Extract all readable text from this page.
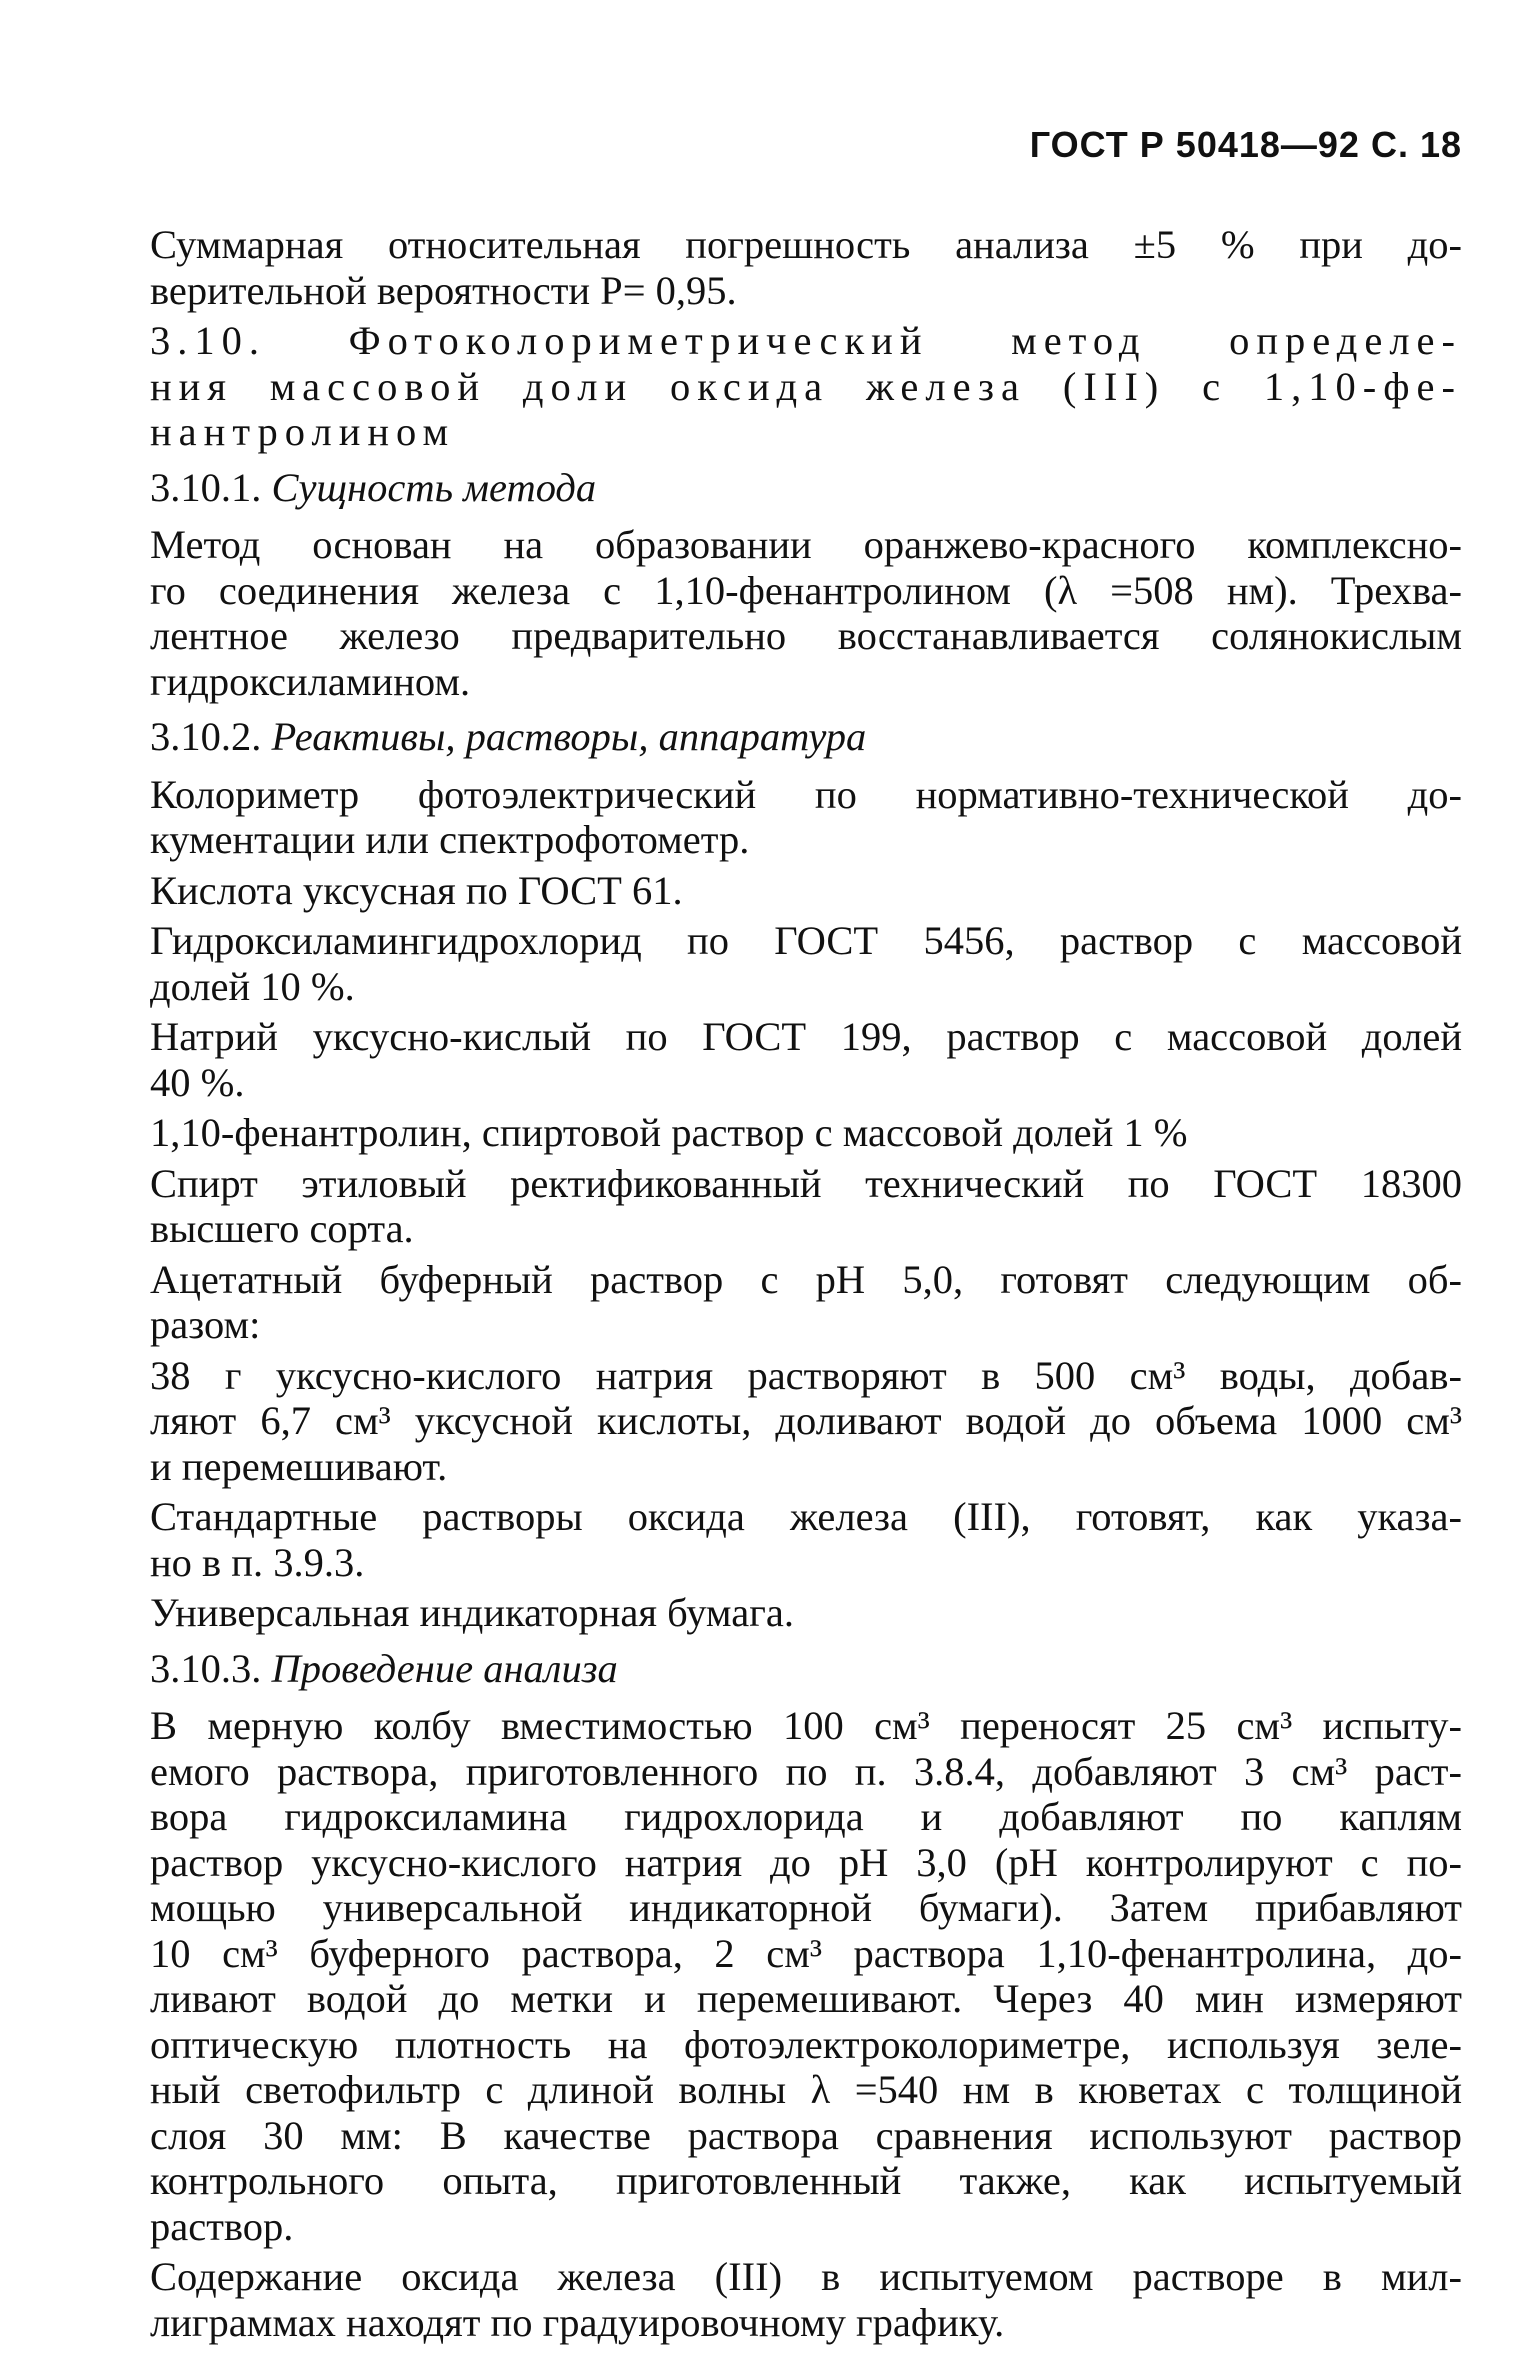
ГОСТ Р 50418—92 С. 18
Суммарная относительная погрешность анализа ±5 % при до-
верительной вероятности P= 0,95.
3.10. Фотоколориметрический метод определе-
ния массовой доли оксида железа (III) с 1,10-фе-
нантролином
3.10.1. Сущность метода
Метод основан на образовании оранжево-красного комплексно-
го соединения железа с 1,10-фенантролином (λ =508 нм). Трехва-
лентное железо предварительно восстанавливается солянокислым
гидроксиламином.
3.10.2. Реактивы, растворы, аппаратура
Колориметр фотоэлектрический по нормативно-технической до-
кументации или спектрофотометр.
Кислота уксусная по ГОСТ 61.
Гидроксиламингидрохлорид по ГОСТ 5456, раствор с массовой
долей 10 %.
Натрий уксусно-кислый по ГОСТ 199, раствор с массовой долей
40 %.
1,10-фенантролин, спиртовой раствор с массовой долей 1 %
Спирт этиловый ректификованный технический по ГОСТ 18300
высшего сорта.
Ацетатный буферный раствор с pH 5,0, готовят следующим об-
разом:
38 г уксусно-кислого натрия растворяют в 500 см³ воды, добав-
ляют 6,7 см³ уксусной кислоты, доливают водой до объема 1000 см³
и перемешивают.
Стандартные растворы оксида железа (III), готовят, как указа-
но в п. 3.9.3.
Универсальная индикаторная бумага.
3.10.3. Проведение анализа
В мерную колбу вместимостью 100 см³ переносят 25 см³ испыту-
емого раствора, приготовленного по п. 3.8.4, добавляют 3 см³ раст-
вора гидроксиламина гидрохлорида и добавляют по каплям
раствор уксусно-кислого натрия до pH 3,0 (pH контролируют с по-
мощью универсальной индикаторной бумаги). Затем прибавляют
10 см³ буферного раствора, 2 см³ раствора 1,10-фенантролина, до-
ливают водой до метки и перемешивают. Через 40 мин измеряют
оптическую плотность на фотоэлектроколориметре, используя зеле-
ный светофильтр с длиной волны λ =540 нм в кюветах с толщиной
слоя 30 мм: В качестве раствора сравнения используют раствор
контрольного опыта, приготовленный также, как испытуемый
раствор.
Содержание оксида железа (III) в испытуемом растворе в мил-
лиграммах находят по градуировочному графику.
